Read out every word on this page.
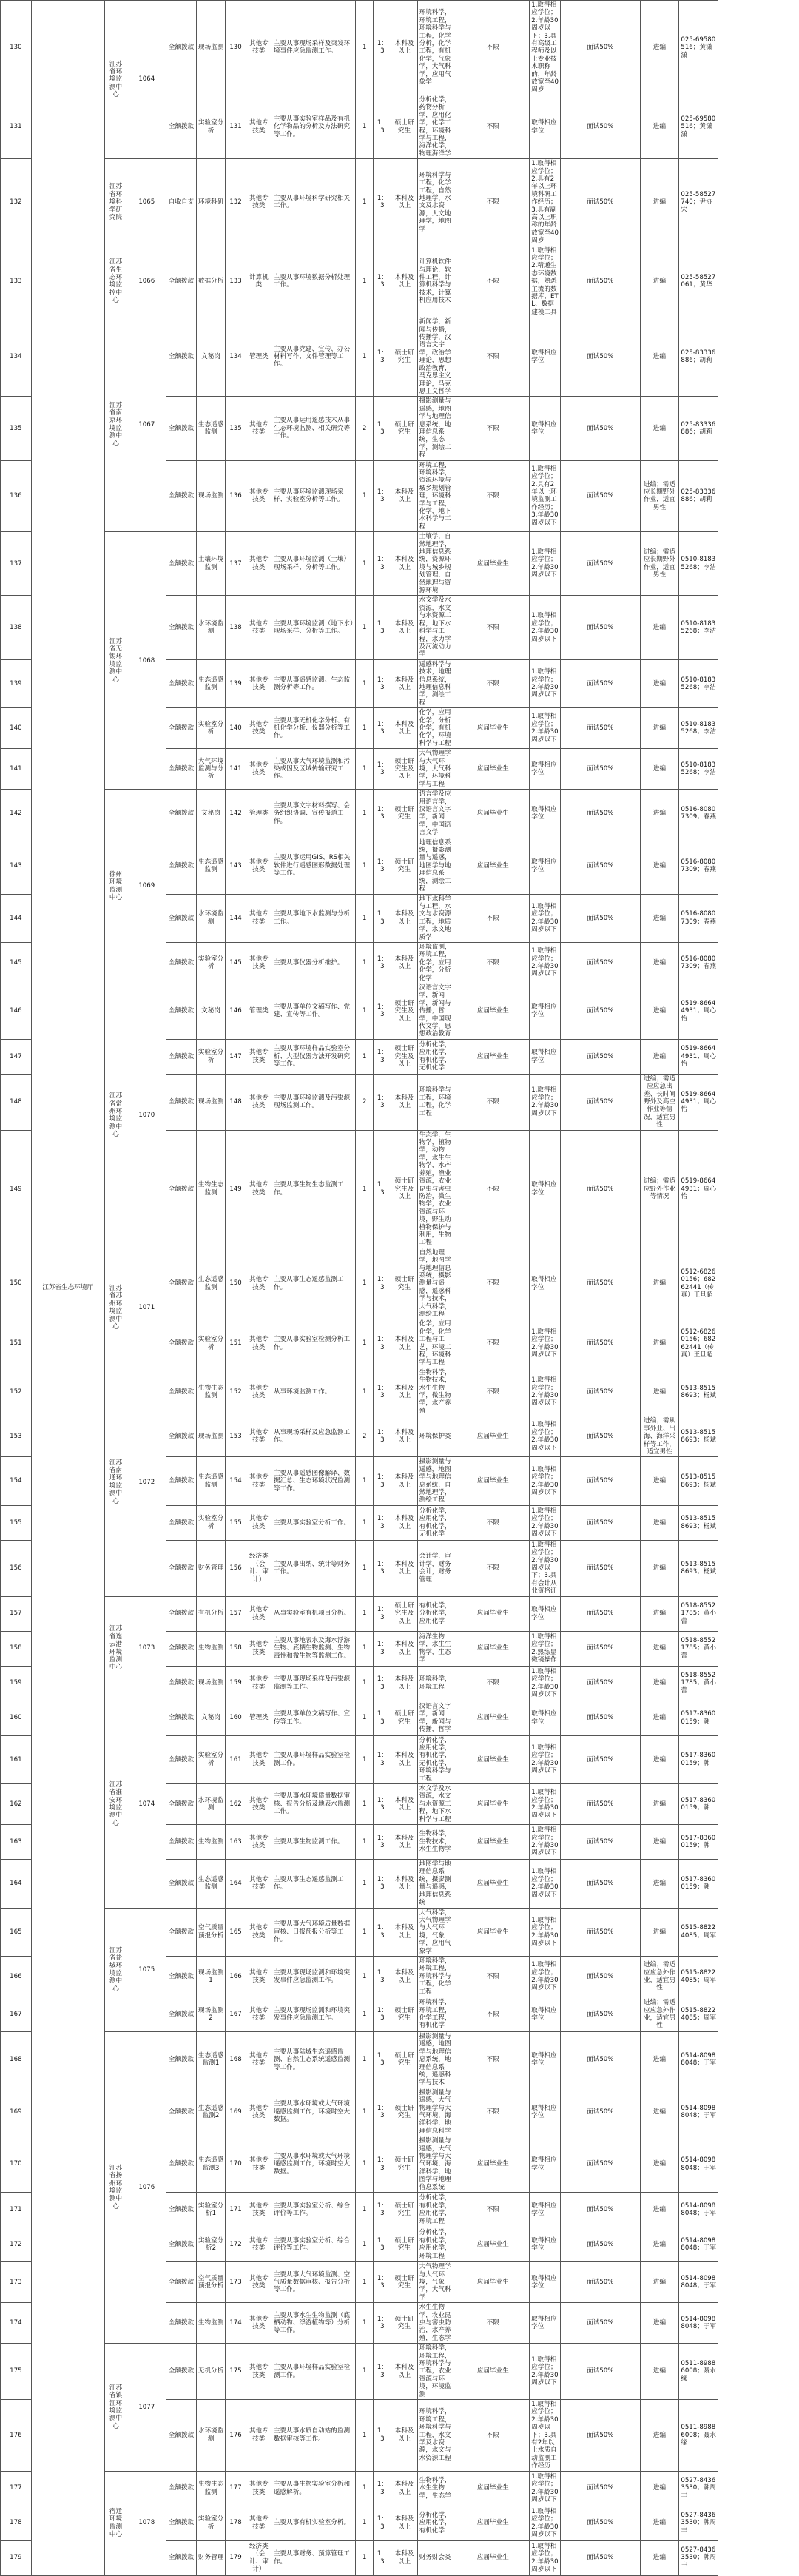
130	江苏省生态环境厅	江苏省环境监测中心	1064	全额拨款	现场监测	130	其他专技类	主要从事现场采样及突发环境事件应急监测工作。	1	1：3	本科及以上	环境科学，环境工程，环境科学与工程，化学分析，化学工程，有机化学，气象学，大气科学，应用气象学	不限	1.取得相应学位；2.年龄30周岁以下；3.具有高级工程师及以上专业技术职称的，年龄放宽至40周岁	面试50%	进编	025-69580516；黄潇潇
131				全额拨款	实验室分析	131	其他专技类	主要从事实验室样品及有机化学物品的分析及方法研究等工作。	1	1：3	硕士研究生	分析化学，药物分析学，应用化学，化学工程，环境科学与工程，海洋化学，物理海洋学	不限	取得相应学位	面试50%	进编	025-69580516；黄潇潇
132		江苏省环境科学研究院	1065	自收自支	环境科研	132	其他专技类	主要从事环境科学研究相关工作。	1	1：3	本科及以上	环境科学与工程，化学工程，自然地理学，水文及水资源，人文地理学，地图学	不限	1.取得相应学位；2.具有2年以上环境科研工作经历；3.具有副高以上职称的年龄放宽至40周岁	面试50%	进编	025-58527740；尹协宋
133		江苏省生态环境监控中心	1066	全额拨款	数据分析	133	计算机类	主要从事环境数据分析处理工作。	1	1：3	本科及以上	计算机软件与理论，软件工程，计算机科学与技术，计算机应用技术	不限	1.取得相应学位；2.精通生态环境数据，熟悉主流的数据库、ETL、数据建模工具	面试50%	进编	025-58527061；黄华
134		江苏省南京环境监测中心	1067	全额拨款	文秘岗	134	管理类	主要从事党建、宣传、办公材料写作、文件管理等工作。	1	1：3	硕士研究生	新闻学，新闻与传播，传播学，汉语言文字学，政治学理论，思想政治教育，马克思主义理论，马克思主义哲学	不限	取得相应学位	面试50%	进编	025-83336886；胡莉
135				全额拨款	生态遥感监测	135	其他专技类	主要从事运用遥感技术从事生态环境监测、相关研究等工作。	2	1：3	硕士研究生	摄影测量与遥感，地图学与地理信息系统，地理信息系统，生态学，测绘工程	不限	取得相应学位	面试50%	进编	025-83336886；胡莉
136				全额拨款	现场监测	136	其他专技类	主要从事环境监测现场采样、实验室分析等工作。	1	1：3	本科及以上	环境工程，环境科学，资源环境与城乡规划管理，环境科学与工程，化学，地下水科学与工程	不限	1.取得相应学位；2.具有2年以上环境监测工作经历；3.年龄30周岁以下	面试50%	进编；需适应长期野外作业，适宜男性	025-83336886；胡莉
137		江苏省无锡环境监测中心	1068	全额拨款	土壤环境监测	137	其他专技类	主要从事环境监测（土壤）现场采样、分析等工作。	1	1：3	本科及以上	土壤学，自然地理学，地理信息系统，资源环境与城乡规划管理，自然地理与资源环境	应届毕业生	1.取得相应学位；2.年龄30周岁以下	面试50%	进编；需适应长期野外作业，适宜男性	0510-81835268；李洁
138				全额拨款	水环境监测	138	其他专技类	主要从事环境监测（地下水）现场采样、分析等工作。	1	1：3	本科及以上	水文学及水资源，水文与水资源工程，地下水科学与工程，水力学及河流动力学	不限	1.取得相应学位；2.年龄30周岁以下	面试50%	进编	0510-81835268；李洁
139				全额拨款	生态遥感监测	139	其他专技类	主要从事遥感监测、生态监测分析等工作。	1	1：3	本科及以上	遥感科学与技术，地理信息系统，地理信息科学，测绘工程	不限	1.取得相应学位；2.年龄30周岁以下	面试50%	进编	0510-81835268；李洁
140				全额拨款	实验室分析	140	其他专技类	主要从事无机化学分析、有机化学分析、仪器分析等工作。	1	1：3	本科及以上	化学，应用化学，分析化学，有机化学，环境科学与工程	应届毕业生	1.取得相应学位；2.年龄30周岁以下	面试50%	进编	0510-81835268；李洁
141				全额拨款	大气环境监测与分析	141	其他专技类	主要从事大气环境监测和污染成因及区域传输研究工作。	1	1：3	硕士研究生及以上	大气物理学与大气环境，大气科学，环境科学与工程	应届毕业生	取得相应学位	面试50%	进编	0510-81835268；李洁
142		徐州环境监测中心	1069	全额拨款	文秘岗	142	管理类	主要从事文字材料撰写、会务组织协调、宣传报道工作。	1	1：3	硕士研究生	语言学及应用语言学，汉语言文字学，新闻学，中国语言文学	应届毕业生	取得相应学位	面试50%	进编	0516-80807309；春燕
143				全额拨款	生态遥感监测	143	其他专技类	主要从事运用GIS、RS相关软件进行遥感图形数据处理等工作。	1	1：3	硕士研究生	地理信息系统，摄影测量与遥感，地图学与地理信息系统，测绘工程	应届毕业生	取得相应学位	面试50%	进编	0516-80807309；春燕
144				全额拨款	水环境监测	144	其他专技类	主要从事地下水监测与分析工作。	1	1：3	本科及以上	地下水科学与工程，水文与水资源工程，地质学，水文地质学	不限	1.取得相应学位；2.年龄30周岁以下	面试50%	进编	0516-80807309；春燕
145				全额拨款	实验室分析	145	其他专技类	主要从事仪器分析维护。	1	1：3	本科及以上	环境监测，环境工程，化学，应用化学，分析化学	不限	1.取得相应学位；2.年龄30周岁以下	面试50%	进编	0516-80807309；春燕
146		江苏省常州环境监测中心	1070	全额拨款	文秘岗	146	管理类	主要从事单位文稿写作、党建、宣传等工作。	1	1：3	硕士研究生及以上	汉语言文字学，新闻学，新闻与传播，哲学，中国现代文学，思想政治教育	应届毕业生	取得相应学位	面试50%	进编	0519-86644931；周心怡
147				全额拨款	实验室分析	147	其他专技类	主要从事环境样品实验室分析、大型仪器方法开发研究等工作。	1	1：3	硕士研究生及以上	分析化学，应用化学，有机化学，无机化学	应届毕业生	取得相应学位	面试50%	进编	0519-86644931；周心怡
148				全额拨款	现场监测	148	其他专技类	主要从事环境监测及污染源现场监测工作。	2	1：3	本科及以上	环境科学与工程，环境工程，化学工程	不限	1.取得相应学位；2.年龄30周岁以下	面试50%	进编；需适应应急出差、长时间野外及高空作业等情况，适宜男性	0519-86644931；周心怡
149				全额拨款	生物生态监测	149	其他专技类	主要从事生物生态监测工作。	1	1：3	硕士研究生及以上	生态学，生物学，植物学，动物学，水生生物学，水产养殖，渔业资源，农业昆虫与害虫防治，微生物学，农业资源与环境，野生动植物保护与利用，生物工程	不限	取得相应学位	面试50%	进编；需适应野外作业等情况	0519-86644931；周心怡
150		江苏省苏州环境监测中心	1071	全额拨款	生态遥感监测	150	其他专技类	主要从事生态遥感监测工作。	1	1：3	硕士研究生	自然地理学，地图学与地理信息系统，摄影测量与遥感，遥感科学与技术，大气科学，测绘工程	不限	取得相应学位	面试50%	进编	0512-68260156；68262441（传真）王旦超
151				全额拨款	实验室分析	151	其他专技类	主要从事实验室检测分析工作。	1	1：3	本科及以上	化学，应用化学，化学工程与工艺，环境工程，环境科学与工程	不限	1.取得相应学位；2.年龄30周岁以下	面试50%	进编	0512-68260156；68262441（传真）王旦超
152		江苏省南通环境监测中心	1072	全额拨款	生物生态监测	152	其他专技类	从事环境监测工作。	1	1：3	本科及以上	生物科学，生物技术，水生生物学，微生物学，水产养殖	不限	1.取得相应学位；2.年龄30周岁以下	面试50%	进编	0513-85158693；杨斌
153				全额拨款	现场监测	153	其他专技类	从事现场采样及应急监测工作。	2	1：3	本科及以上	环境保护类	应届毕业生	1.取得相应学位；2.年龄30周岁以下	面试50%	进编；需从事外业、出海、海洋采样等工作，适宜男性	0513-85158693；杨斌
154				全额拨款	生态遥感监测	154	其他专技类	主要从事遥感图像解译、数据汇总、生态环境状况监测等工作。	1	1：3	本科及以上	摄影测量与遥感，地图学与地理信息系统，自然地理学，测绘工程	应届毕业生	1.取得相应学位；2.年龄30周岁以下	面试50%	进编	0513-85158693；杨斌
155				全额拨款	实验室分析	155	其他专技类	主要从事实验室分析工作。	1	1：3	本科及以上	分析化学，应用化学，有机化学，无机化学	不限	1.取得相应学位；2.年龄30周岁以下	面试50%	进编	0513-85158693；杨斌
156				全额拨款	财务管理	156	经济类（会计、审计）	主要从事出纳、统计等财务工作。	1	1：3	本科及以上	会计学，审计学，财务会计，财务管理	不限	1.取得相应学位；2.年龄30周岁以下；3.具有会计从业资格证	面试50%	进编	0513-85158693；杨斌
157		江苏省连云港环境监测中心	1073	全额拨款	有机分析	157	其他专技类	从事实验室有机项目分析。	1	1：3	硕士研究生及以上	有机化学，分析化学，应用化学	应届毕业生	取得相应学位	面试50%	进编	0518-85521785；黄小蕾
158				全额拨款	生物监测	158	其他专技类	主要从事地表水及海水浮游生物、底栖生物监测、生物毒性和微生物等监测工作。	1	1：3	本科及以上	海洋生物学，水生生物学，生态学	应届毕业生	1.取得相应学位；2.熟练显微镜操作	面试50%	进编	0518-85521785；黄小蕾
159				全额拨款	现场监测	159	其他专技类	主要从事现场采样及污染源监测等工作。	1	1：3	本科及以上	环境科学，环境工程	不限	1.取得相应学位；2.年龄30周岁以下	面试50%	进编	0518-85521785；黄小蕾
160		江苏省淮安环境监测中心	1074	全额拨款	文秘岗	160	管理类	主要从事单位文稿写作、宣传等工作。	1	1：3	硕士研究生	汉语言文字学，新闻学，新闻与传播，哲学	应届毕业生	取得相应学位	面试50%	进编	0517-83600159；韩
161				全额拨款	实验室分析	161	其他专技类	主要从事环境样品实验室检测工作。	1	1：3	本科及以上	分析化学，应用化学，有机化学，无机化学，环境科学与工程	应届毕业生	1.取得相应学位；2.年龄30周岁以下	面试50%	进编	0517-83600159；韩
162				全额拨款	水环境监测	162	其他专技类	主要从事水环境质量数据审核、报告分析及地表水监测工作。	1	1：3	本科及以上	水文学及水资源，水文与水资源工程，地下水科学与工程	应届毕业生	1.取得相应学位；2.年龄30周岁以下	面试50%	进编	0517-83600159；韩
163				全额拨款	生物监测	163	其他专技类	主要从事生物监测工作。	1	1：3	本科及以上	生物科学，生物技术，水生生物学	应届毕业生	1.取得相应学位；2.年龄30周岁以下	面试50%	进编	0517-83600159；韩
164				全额拨款	生态遥感监测	164	其他专技类	主要从事生态遥感监测工作。	1	1：3	本科及以上	地图学与地理信息系统，摄影测量与遥感，地理信息系统	应届毕业生	1.取得相应学位；2.年龄30周岁以下	面试50%	进编	0517-83600159；韩
165		江苏省盐城环境监测中心	1075	全额拨款	空气质量预报分析	165	其他专技类	主要从事大气环境质量数据审核、日报预报分析等工作。	1	1：3	本科及以上	大气科学，大气物理学与大气环境，气象学，应用气象学	应届毕业生	1.取得相应学位；2.年龄30周岁以下	面试50%	进编	0515-88224085；周军
166				全额拨款	现场监测1	166	其他专技类	主要从事现场监测和环境突发事件应急监测工作。	1	1：3	本科及以上	环境科学，环境工程，环境科学与工程，化学工程	不限	1.取得相应学位；2.年龄30周岁以下	面试50%	进编；需适应应急外作业，适宜男性	0515-88224085；周军
167				全额拨款	现场监测2	167	其他专技类	主要从事现场监测和环境突发事件应急监测工作。	1	1：3	硕士研究生	环境科学，环境工程，化学工程，有机化学	不限	取得相应学位	面试50%	进编；需适应应急外作业，适宜男性	0515-88224085；周军
168		江苏省扬州环境监测中心	1076	全额拨款	生态遥感监测1	168	其他专技类	主要从事陆域生态遥感监测、自然生态系统遥感监测等工作。	1	1：3	硕士研究生	摄影测量与遥感，地图学与地理信息系统，地理信息系统，遥感科学与技术	不限	取得相应学位	面试50%	进编	0514-80988048；于军
169				全额拨款	生态遥感监测2	169	其他专技类	主要从事水环境或大气环境遥感监测工作，环境时空大数据。	1	1：3	硕士研究生	摄影测量与遥感，大气物理学与大气环境，海洋科学，地理信息科学	不限	取得相应学位	面试50%	进编	0514-80988048；于军
170				全额拨款	生态遥感监测3	170	其他专技类	主要从事水环境或大气环境遥感监测工作，环境时空大数据。	1	1：3	硕士研究生	摄影测量与遥感，大气物理学与大气环境，海洋科学，地图学与地理信息系统	应届毕业生	取得相应学位	面试50%	进编	0514-80988048；于军
171				全额拨款	实验室分析1	171	其他专技类	主要从事实验室分析、综合评价等工作。	1	1：3	硕士研究生	分析化学，有机化学，应用化学，环境工程	不限	取得相应学位	面试50%	进编	0514-80988048；于军
172				全额拨款	实验室分析2	172	其他专技类	主要从事实验室分析、综合评价等工作。	1	1：3	硕士研究生	分析化学，有机化学，应用化学，环境工程	应届毕业生	取得相应学位	面试50%	进编	0514-80988048；于军
173				全额拨款	空气质量预报分析	173	其他专技类	主要从事大气环境监测、空气质量数据审核、报告分析等工作。	1	1：3	硕士研究生	大气物理学与大气环境，气象学，大气科学	应届毕业生	取得相应学位	面试50%	进编	0514-80988048；于军
174				全额拨款	生物监测	174	其他专技类	主要从事水生生物监测（底栖动物、浮游植物等）分析等工作。	1	1：3	硕士研究生	水生生物学，农业昆虫与害虫防治，水产养殖，生态学	不限	取得相应学位	面试50%	进编	0514-80988048；于军
175		江苏省镇江环境监测中心	1077	全额拨款	无机分析	175	其他专技类	主要从事环境样品实验室检测工作。	1	1：3	本科及以上	环境科学，环境工程，环境科学与工程，农业资源与环境，环境监测	应届毕业生	1.取得相应学位；2.年龄30周岁以下	面试50%	进编	0511-89886008；聂水缘
176				全额拨款	水环境监测	176	其他专技类	主要从事水质自动站的监测数据审核等工作。	1	1：3	本科及以上	环境科学，环境工程，环境科学与工程，水文学及水资源，水文与水资源工程	不限	1.取得相应学位；2.年龄30周岁以下；3.具有2年以上水质自动监测工作经历	面试50%	进编	0511-89886008；聂水缘
177		宿迁环境监测中心	1078	全额拨款	生物生态监测	177	其他专技类	主要从事生物实验室分析和遥感解析。	1	1：3	本科及以上	生物科学，水生生物学，生态学	应届毕业生	1.取得相应学位；2.年龄30周岁以下	面试50%	进编	0527-84363530；韩周丰
178				全额拨款	实验室分析	178	其他专技类	主要从事有机实验室分析。	1	1：3	本科及以上	分析化学，应用化学，有机化学	应届毕业生	1.取得相应学位；2.年龄30周岁以下	面试50%	进编	0527-84363530；韩周丰
179				全额拨款	财务管理	179	经济类（会计、审计）	主要从事财务、预算管理工作。	1	1：3	本科及以上	财务财会类	应届毕业生	1.取得相应学位；2.年龄30周岁以下	面试50%	进编	0527-84363530；韩周丰
